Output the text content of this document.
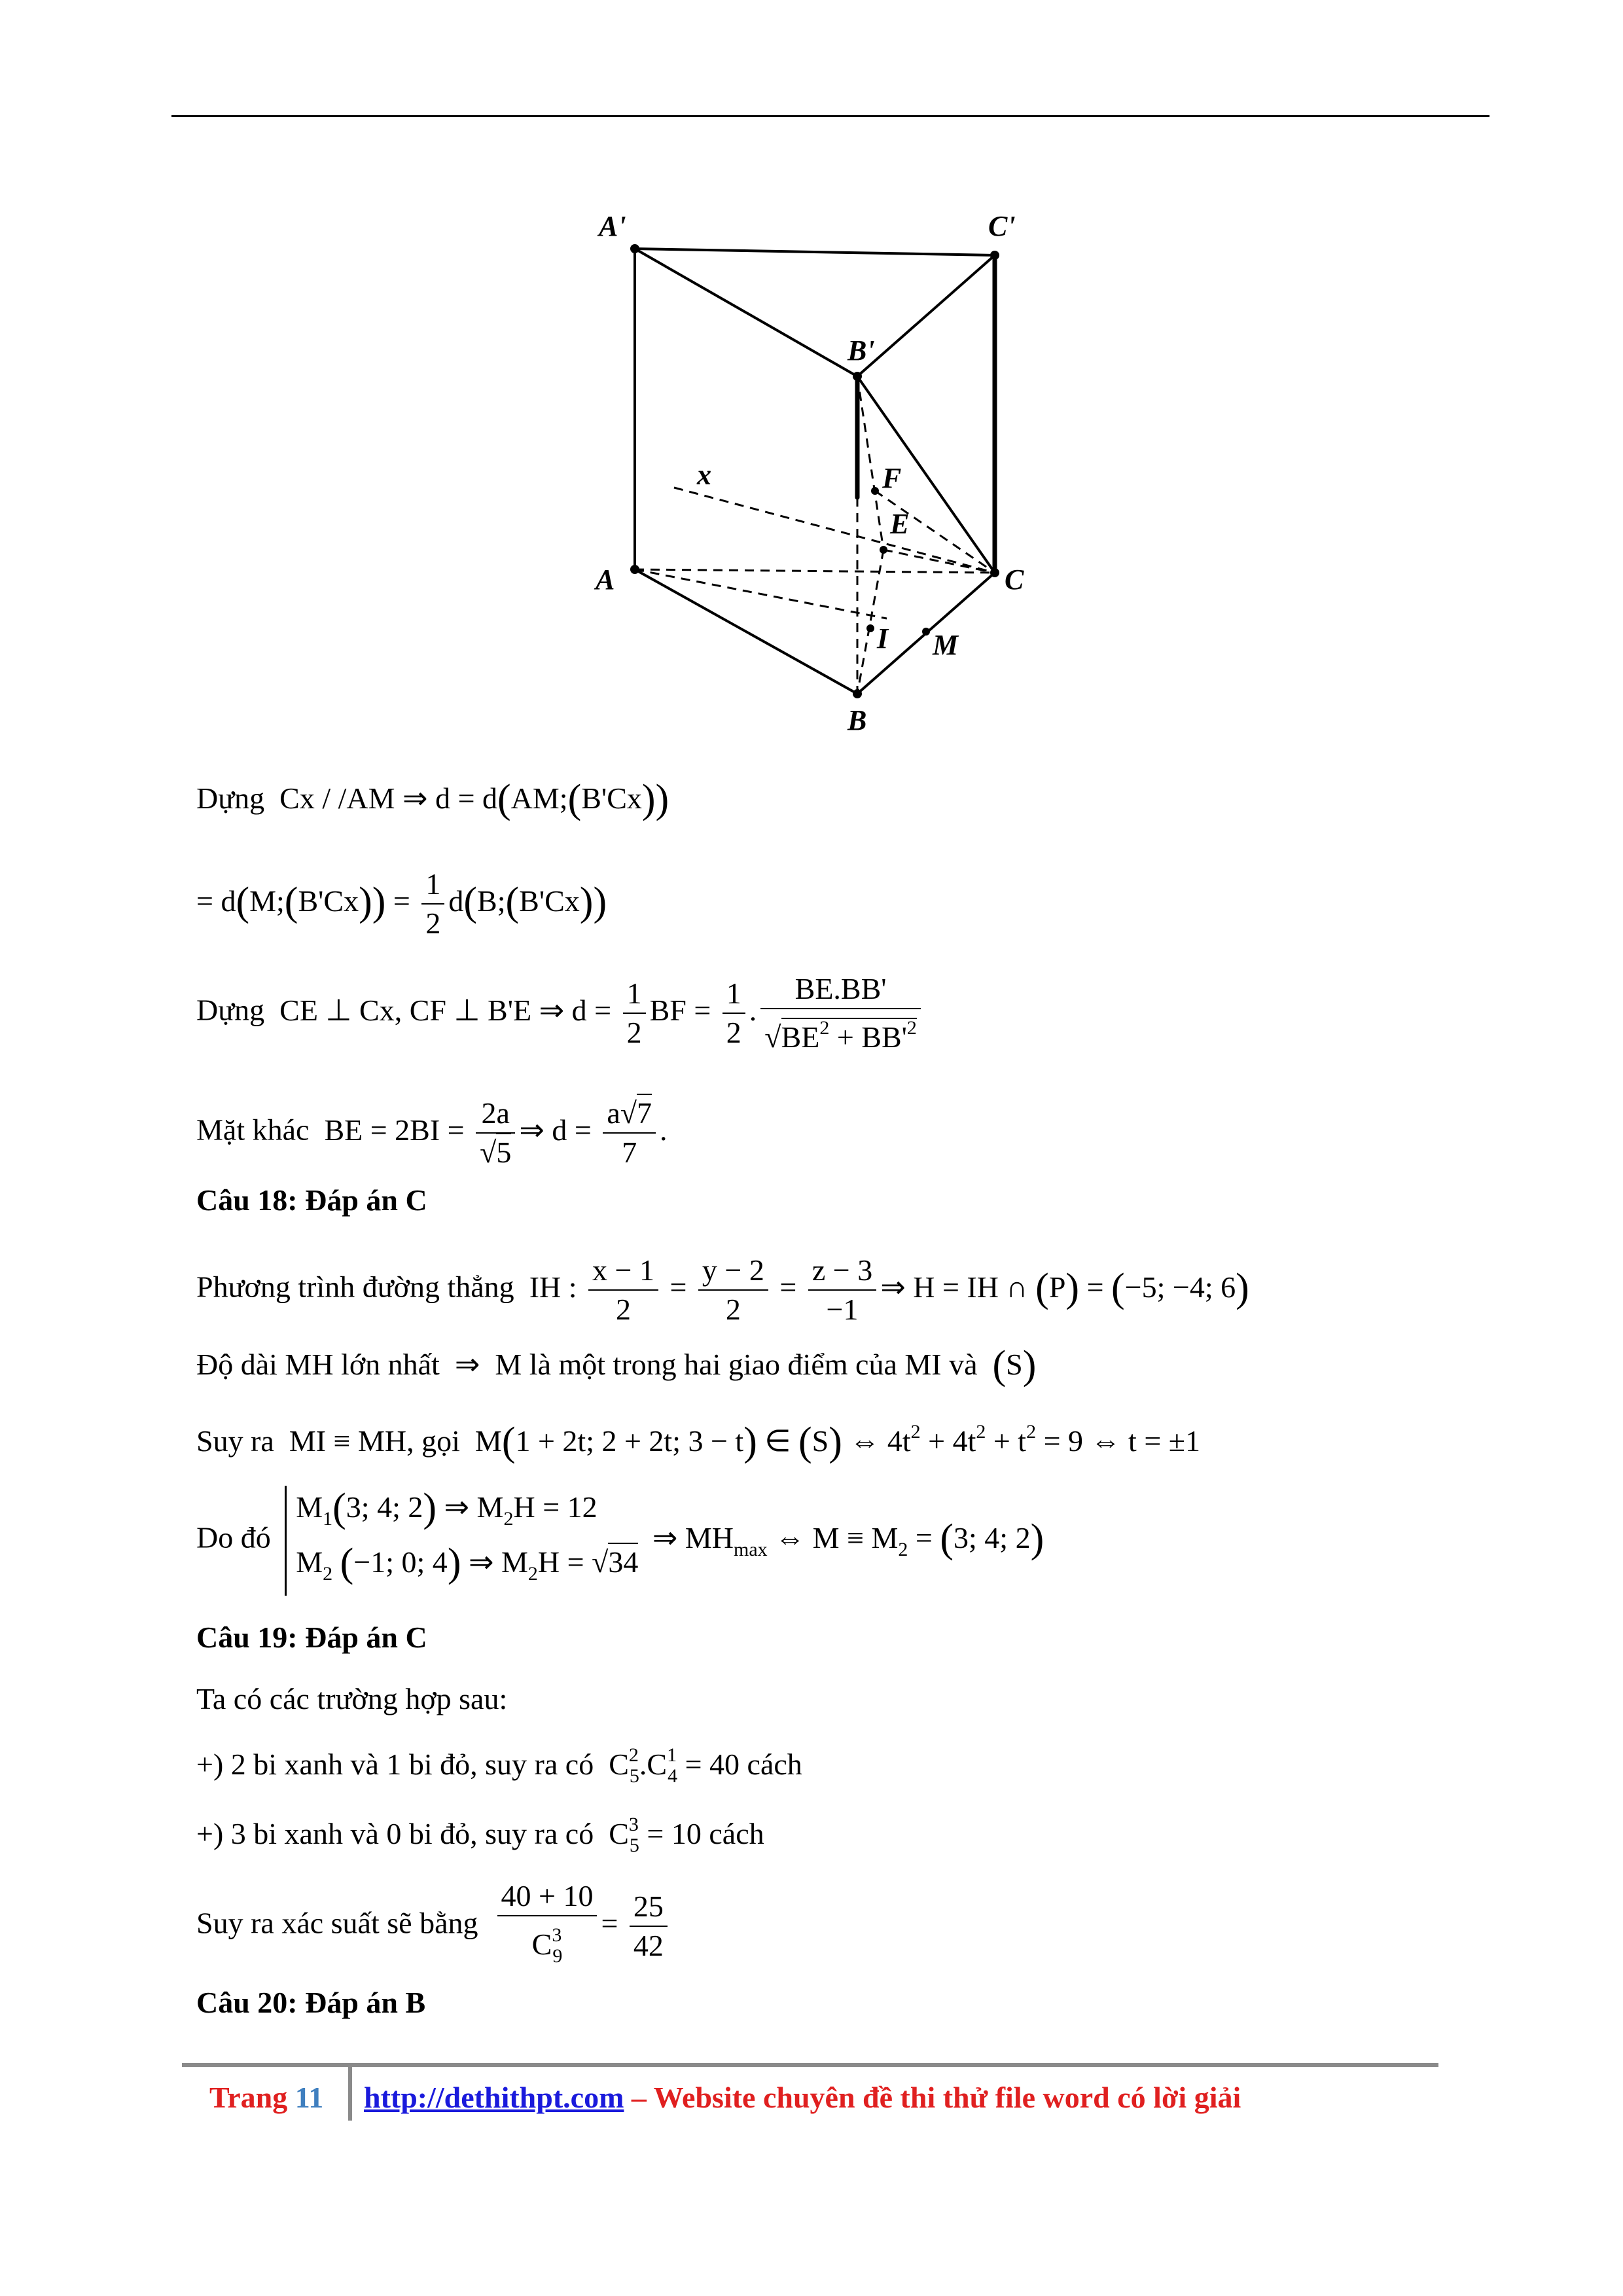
A'	C'
B'
F
E
x
A	C
I M
B
Dựng  Cx / /AM ⇒ d = d(AM;(B'Cx))
= d(M;(B'Cx)) = $\frac{1}{2}$ d(B;(B'Cx))
Dựng  CE ⊥ Cx, CF ⊥ B'E ⇒ $d = \frac{1}{2}$ BF = $\frac{1}{2}$ . $\frac{BE.BB'}{√BE^2 + BB'^2}$
Mặt khác  BE = $2BI = \frac{2a}{√5}$ ⇒ $d = \frac{a√7}{7}$ .
Câu 18: Đáp án C
Phương trình đường thẳng  IH : $\frac{x - 1}{2} = \frac{y - 2}{2} = \frac{z - 3}{-1}$ ⇒ H = IH ∩ (P) = (−5; −4; 6)
Độ dài MH lớn nhất  ⇒  M là một trong hai giao điểm của MI và (S)
Suy ra  MI ≡ MH, gọi  M(1 + 2t; 2 + 2t; 3 − t) ∈ (S) ⇔ $4t^2 + 4t^2 + t^2 = 9$ ⇔ t = ±1
Do đó
$M_1(3$; 4; 2) ⇒ $M_2H = 12$
$M_2$ (−1; 0; 4) ⇒ $M_2H = √34$
⇒ $MH_{max}$ ⇔ $M \equiv M_2 = (3$; 4; 2)
Câu 19: Đáp án C
Ta có các trường hợp sau:
+) 2 bi xanh và 1 bi đỏ, suy ra có  $C^2_5.C^1_4 = 40$ cách
+) 3 bi xanh và 0 bi đỏ, suy ra có  $C^3_5 = 10$ cách
Suy ra xác suất sẽ bằng $\frac{40 + 10}{C^3_9} = \frac{25}{42}$
Câu 20: Đáp án B
Trang 11 http://dethithpt.com – Website chuyên đề thi thử file word có lời giải
